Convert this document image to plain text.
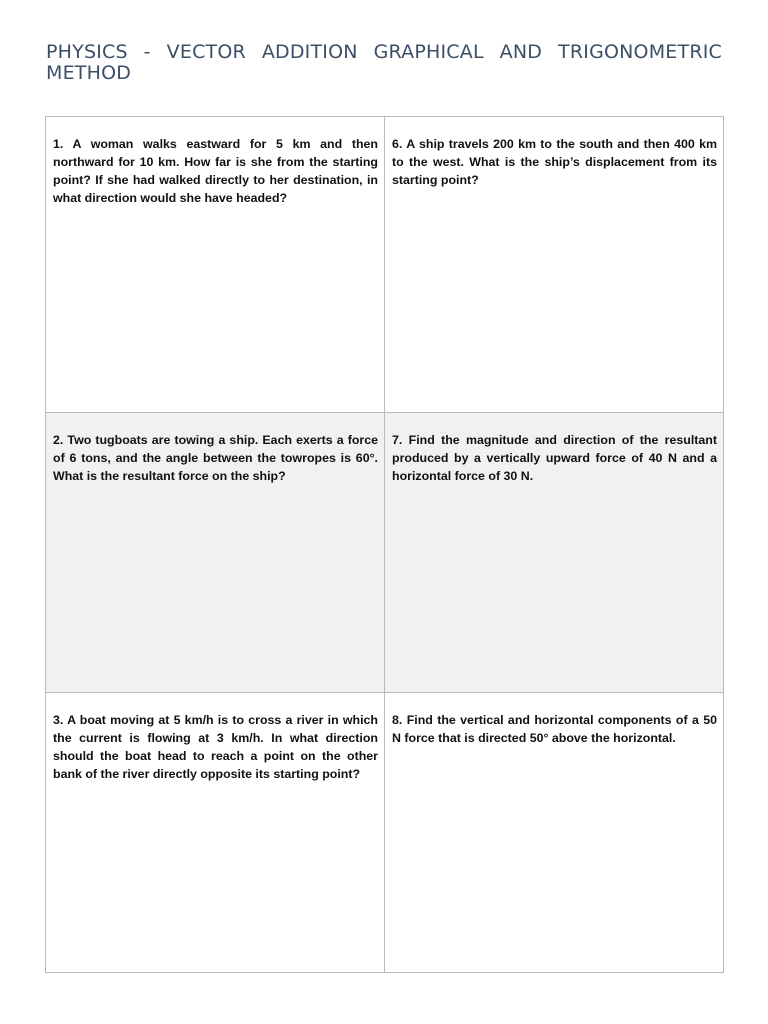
PHYSICS - VECTOR ADDITION GRAPHICAL AND TRIGONOMETRIC METHOD

1. A woman walks eastward for 5 km and then northward for 10 km. How far is she from the starting point? If she had walked directly to her destination, in what direction would she have headed?	6. A ship travels 200 km to the south and then 400 km to the west. What is the ship’s displacement from its starting point?

2. Two tugboats are towing a ship. Each exerts a force of 6 tons, and the angle between the towropes is 60°. What is the resultant force on the ship?	7. Find the magnitude and direction of the resultant produced by a vertically upward force of 40 N and a horizontal force of 30 N.

3. A boat moving at 5 km/h is to cross a river in which the current is flowing at 3 km/h. In what direction should the boat head to reach a point on the other bank of the river directly opposite its starting point?	8. Find the vertical and horizontal components of a 50 N force that is directed 50° above the horizontal.
